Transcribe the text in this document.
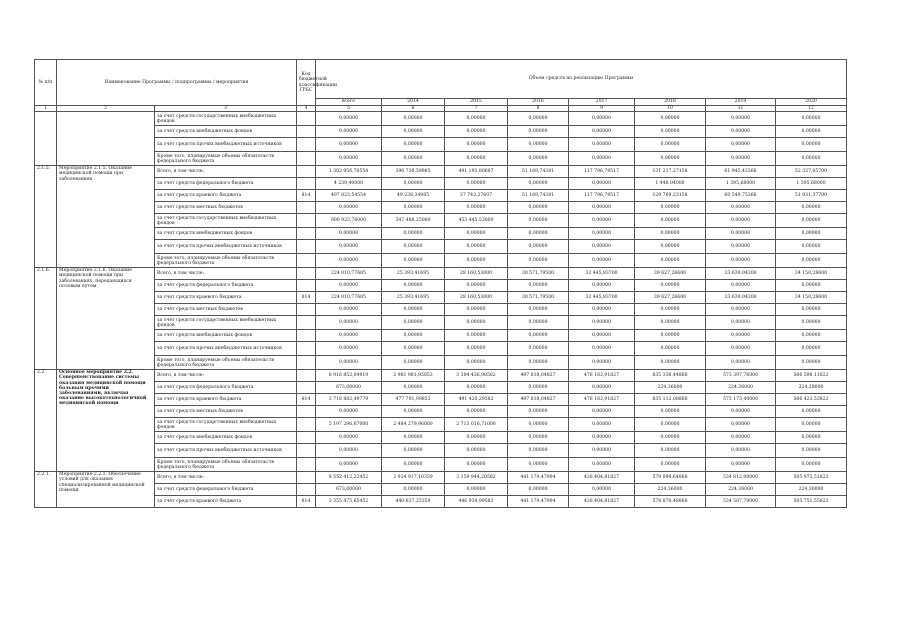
№ п/п	Наименование Программы / подпрограммы / мероприятия		Код бюджетной классификации ГРБС	Объем средств на реализацию Программы							
				всего	2014	2015	2016	2017	2018	2019	2020
1	2	3	4	5	6	7	8	9	10	11	12
		за счет средств государственных внебюджетных фондов		0,00000	0,00000	0,00000	0,00000	0,00000	0,00000	0,00000	0,00000
		за счет средств внебюджетных фондов		0,00000	0,00000	0,00000	0,00000	0,00000	0,00000	0,00000	0,00000
		за счет средств прочих внебюджетных источников		0,00000	0,00000	0,00000	0,00000	0,00000	0,00000	0,00000	0,00000
		Кроме того, планируемые объемы обязательств федерального бюджета		0,00000	0,00000	0,00000	0,00000	0,00000	0,00000	0,00000	0,00000
2.1.5.	Мероприятие 2.1.5. Оказание медицинской помощи при заболеваниях	Всего, в том числе:		1 302 956,70554	396 726,59985	491 193,80607	51 189,74381	117 796,79517	131 217,27158	61 945,43366	52 327,05700
		за счет средств федерального бюджета		4 239,40000	0,00000	0,00000	0,00000	0,00000	1 448,04000	1 395,68000	1 395,68000
		за счет средств краевого бюджета	814	497 823,54554	49 238,34985	37 743,27607	51 189,74381	117 796,79517	129 769,23158	60 549,75366	51 931,37700
		за счет средств местных бюджетов		0,00000	0,00000	0,00000	0,00000	0,00000	0,00000	0,00000	0,00000
		за счет средств государственных внебюджетных фондов		800 933,76000	347 488,25000	453 445,53000	0,00000	0,00000	0,00000	0,00000	0,00000
		за счет средств внебюджетных фондов		0,00000	0,00000	0,00000	0,00000	0,00000	0,00000	0,00000	0,00000
		за счет средств прочих внебюджетных источников		0,00000	0,00000	0,00000	0,00000	0,00000	0,00000	0,00000	0,00000
		Кроме того, планируемые объемы обязательств федерального бюджета		0,00000	0,00000	0,00000	0,00000	0,00000	0,00000	0,00000	0,00000
2.1.6.	Мероприятие 2.1.6. Оказание медицинской помощи при заболеваниях, передающихся половым путем	Всего, в том числе:		224 010,77685	25 393,41695	28 160,53000	30 571,79500	32 445,83700	39 627,26600	33 639,04300	34 150,28600
		за счет средств федерального бюджета		0,00000	0,00000	0,00000	0,00000	0,00000	0,00000	0,00000	0,00000
		за счет средств краевого бюджета	814	224 010,77685	25 393,41695	28 160,53000	30 571,79500	32 445,83700	39 627,26600	33 639,04300	34 150,28600
		за счет средств местных бюджетов		0,00000	0,00000	0,00000	0,00000	0,00000	0,00000	0,00000	0,00000
		за счет средств государственных внебюджетных фондов		0,00000	0,00000	0,00000	0,00000	0,00000	0,00000	0,00000	0,00000
		за счет средств внебюджетных фондов		0,00000	0,00000	0,00000	0,00000	0,00000	0,00000	0,00000	0,00000
		за счет средств прочих внебюджетных источников		0,00000	0,00000	0,00000	0,00000	0,00000	0,00000	0,00000	0,00000
		Кроме того, планируемые объемы обязательств федерального бюджета		0,00000	0,00000	0,00000	0,00000	0,00000	0,00000	0,00000	0,00000
2.2.	Основное мероприятие 2.2. Совершенствование системы оказания медицинской помощи больным прочими заболеваниями, включая оказание высокотехнологичной медицинской помощи	Всего, в том числе:		8 916 852,04919	2 961 981,95853	3 304 436,98582	497 818,04827	476 162,91827	635 336,44868	573 397,76000	566 598,11822
		за счет средств федерального бюджета		673,00000	0,00000	0,00000	0,00000	0,00000	224,36000	224,36000	224,28000
		за счет средств краевого бюджета	814	3 718 882,49779	477 701,99853	491 420,29582	497 818,04827	476 162,91827	635 112,08868	573 173,40000	566 423,53822
		за счет средств местных бюджетов		0,00000	0,00000	0,00000	0,00000	0,00000	0,00000	0,00000	0,00000
		за счет средств государственных внебюджетных фондов		5 197 296,67000	2 484 279,96000	2 713 016,71000	0,00000	0,00000	0,00000	0,00000	0,00000
		за счет средств внебюджетных фондов		0,00000	0,00000	0,00000	0,00000	0,00000	0,00000	0,00000	0,00000
		за счет средств прочих внебюджетных источников		0,00000	0,00000	0,00000	0,00000	0,00000	0,00000	0,00000	0,00000
		Кроме того, планируемые объемы обязательств федерального бюджета		0,00000	0,00000	0,00000	0,00000	0,00000	0,00000	0,00000	0,00000
2.2.1.	Мероприятие 2.2.1. Обеспечение условий для оказания специализированной медицинской помощи	Всего, в том числе:		8 552 412,22452	2 924 917,10359	3 159 944,20582	441 179,47994	426 404,81827	579 094,64868	534 812,00000	505 973,51822
		за счет средств федерального бюджета		673,00000	0,00000	0,00000	0,00000	0,00000	224,36000	224,36000	224,30000
		за счет средств краевого бюджета	814	3 355 475,65452	440 637,25359	446 934,99582	441 179,47994	426 404,81827	578 870,48868	534 587,70000	505 751,55822
